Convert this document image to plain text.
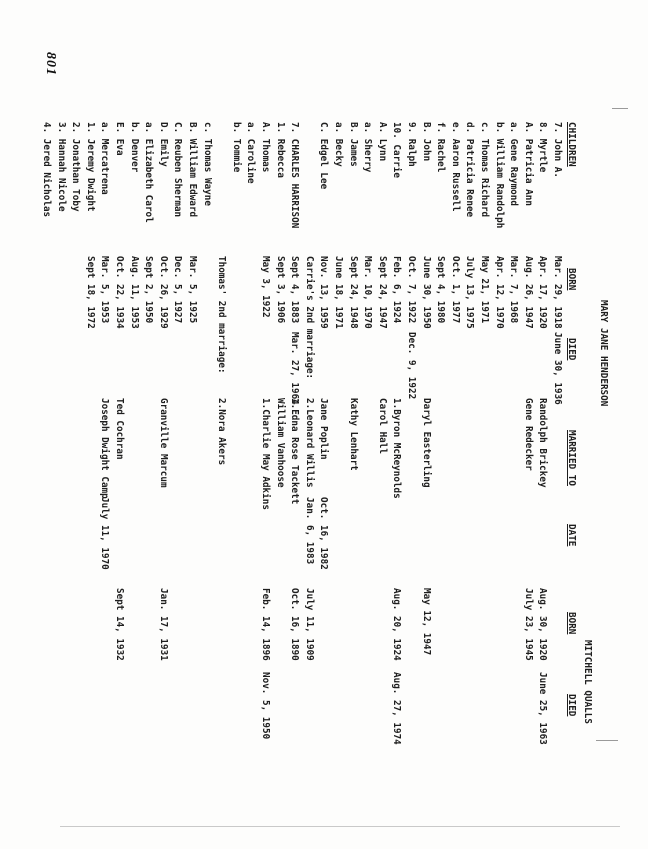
801
MARY JANE HENDERSON
MITCHELL QUALLS
CHILDREN
BORN
DIED
MARRIED TO
DATE
BORN
DIED
7. John A.
Mar. 29, 1918
June 30, 1936
8. Myrtle
Apr. 17, 1920
Randolph Brickey
Aug. 30, 1920
June 25, 1963
A. Patricia Ann
Aug. 26, 1947
Gene Redecker
July 23, 1945
a. Gene Raymond
Mar. 7, 1968
b. William Randolph
Apr. 12, 1970
c. Thomas Richard
May 21, 1971
d. Patricia Renee
July 13, 1975
e. Aaron Russell
Oct. 1, 1977
f. Rachel
Sept 4, 1980
B. John
June 30, 1950
Daryl Easterling
May 12, 1947
9. Ralph
Oct. 7, 1922
Dec. 9, 1922
10. Carrie
Feb. 6, 1924
1.Byron McReynolds
Aug. 20, 1924
Aug. 27, 1974
A. Lynn
Sept 24, 1947
Carol Hall
a. Sherry
Mar. 10, 1970
B. James
Sept 24, 1948
Kathy Lenhart
a. Becky
June 18, 1971
C. Edgel Lee
Nov. 13, 1959
Jane Poplin
Oct. 16, 1982
Carrie's 2nd marriage:
2.Leonard Willis
Jan. 6, 1983
July 11, 1909
7. CHARLES HARRISON
Sept 4, 1883
Mar. 27, 1964
1.Edna Rose Tackett
Oct. 16, 1890
1. Rebecca
Sept 3, 1906
William Vanhoose
A. Thomas
May 3, 1922
1.Charlie May Adkins
Feb. 14, 1896
Nov. 5, 1950
a. Caroline
b. Tommie
Thomas' 2nd marriage:
2.Nora Akers
c. Thomas Wayne
B. William Edward
Mar. 5, 1925
C. Reuben Sherman
Dec. 5, 1927
D. Emily
Oct. 26, 1929
Granville Marcum
Jan. 17, 1931
a. Elizabeth Carol
Sept 2, 1950
b. Denver
Aug. 11, 1953
E. Eva
Oct. 22, 1934
Ted Cochran
Sept 14, 1932
a. Mercatrena
Mar. 5, 1953
Joseph Dwight Camp
July 11, 1970
1. Jeremy Dwight
Sept 18, 1972
2. Jonathan Toby
3. Hannah Nicole
4. Jered Nicholas
